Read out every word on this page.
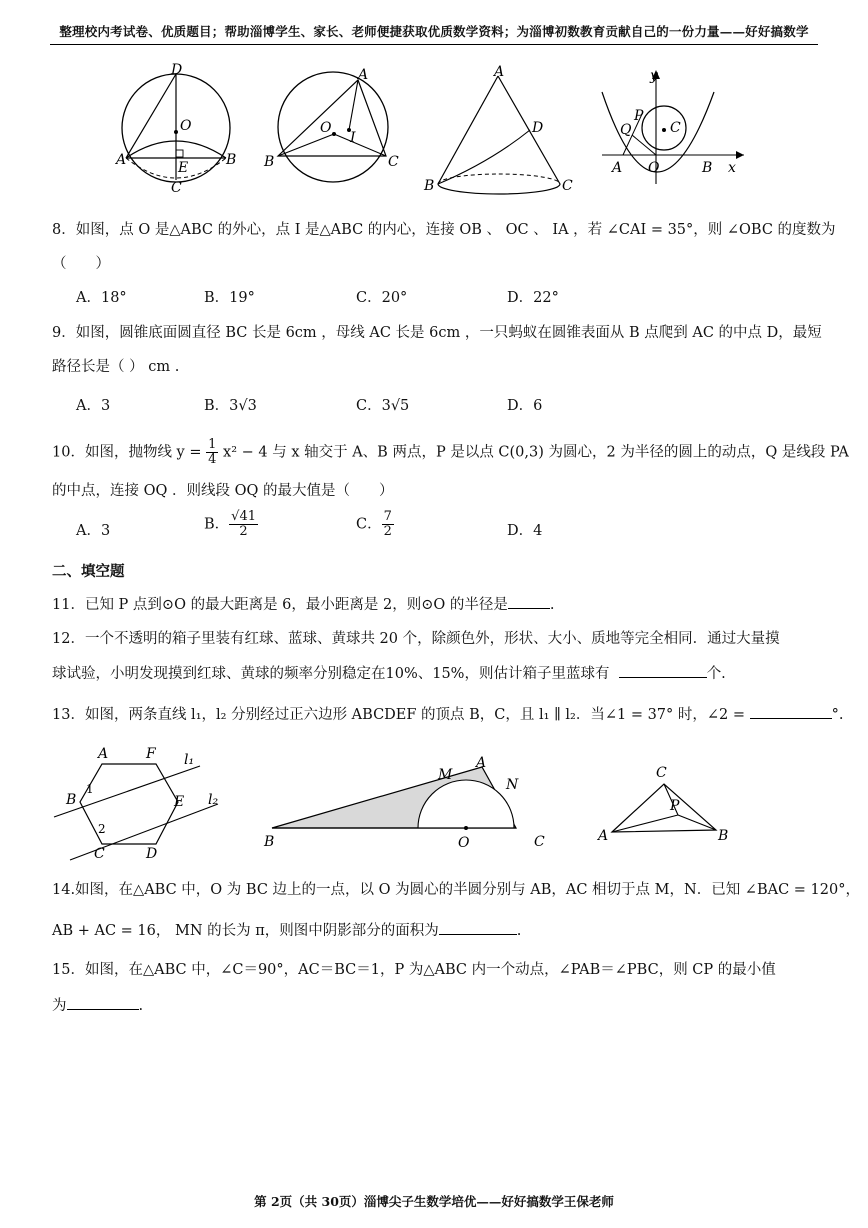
整理校内考试卷、优质题目；帮助淄博学生、家长、老师便捷获取优质数学资料；为淄博初数教育贡献自己的一份力量——好好搞数学
D
O
A	E	B
C
A
O
I
B	C
A
D
B	C
y
P
Q	C
A O	B x
8．如图，点 O 是△ABC 的外心，点 I 是△ABC 的内心，连接 OB 、 OC 、 IA ，若 ∠CAI = 35°，则 ∠OBC 的度数为
（　　）
A．18°	B．19°	C．20°	D．22°
9．如图，圆锥底面圆直径 BC 长是 6cm ，母线 AC 长是 6cm ，一只蚂蚁在圆锥表面从 B 点爬到 AC 的中点 D，最短
路径长是（ ） cm .
A．3	B．3√3	C．3√5	D．6
10．如图，抛物线 $y = \frac{1}{4} x^2 - 4$ 与 x 轴交于 A、B 两点，P 是以点 C(0,3) 为圆心，2 为半径的圆上的动点，Q 是线段 PA
的中点，连接 OQ ．则线段 OQ 的最大值是（　　）
A．3	B． $\frac{√41}{2}$	C． $\frac{7}{2}$	D．4
二、填空题
11．已知 P 点到⊙O 的最大距离是 6，最小距离是 2，则⊙O 的半径是	.
12．一个不透明的箱子里装有红球、蓝球、黄球共 20 个，除颜色外，形状、大小、质地等完全相同．通过大量摸
球试验，小明发现摸到红球、黄球的频率分别稳定在10%、15%，则估计箱子里蓝球有	个.
13．如图，两条直线 l₁，l₂ 分别经过正六边形 ABCDEF 的顶点 B，C，且 l₁ ∥ l₂．当∠1 = 37° 时，∠2 =	°.
A	F l₁
B
1
E l₂
2
C	D
M
A
N
B	O	C
C
P
A	B
14.如图，在△ABC 中，O 为 BC 边上的一点，以 O 为圆心的半圆分别与 AB，AC 相切于点 M，N．已知 ∠BAC = 120°，
AB + AC = 16， MN 的长为 π，则图中阴影部分的面积为	.
15．如图，在△ABC 中，∠C＝90°，AC＝BC＝1，P 为△ABC 内一个动点，∠PAB＝∠PBC，则 CP 的最小值
为	.
第 2页（共 30页）淄博尖子生数学培优——好好搞数学王保老师
